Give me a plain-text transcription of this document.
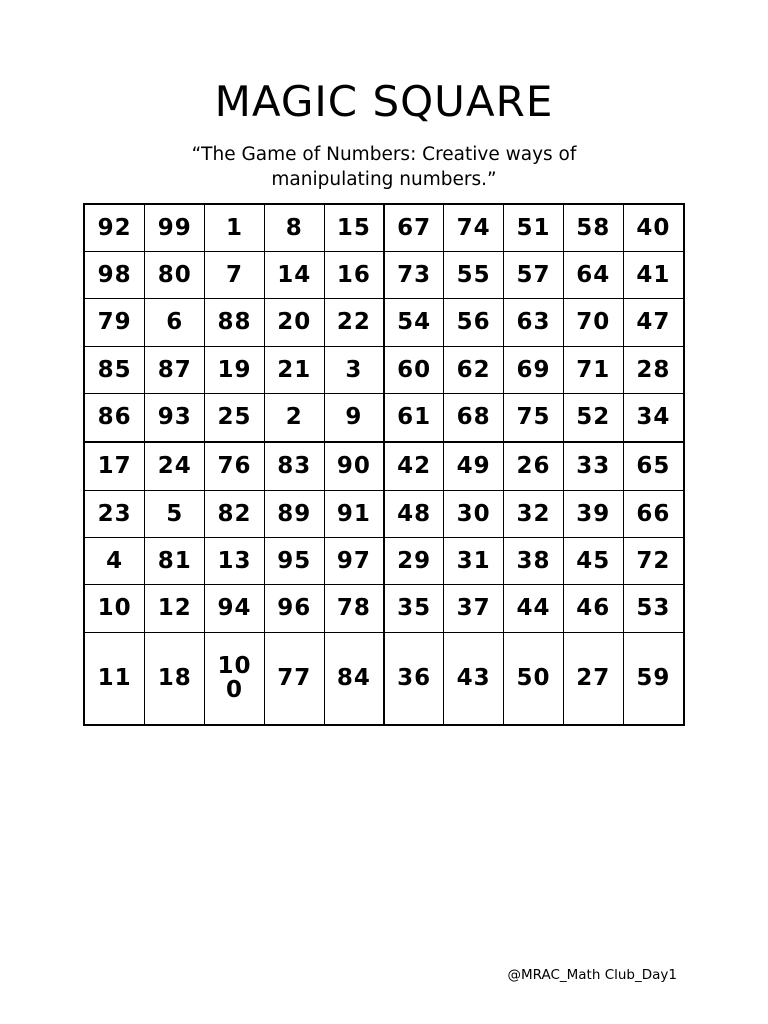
MAGIC SQUARE
“The Game of Numbers: Creative ways of manipulating numbers.”
92	99	1	8	15	67	74	51	58	40
98	80	7	14	16	73	55	57	64	41
79	6	88	20	22	54	56	63	70	47
85	87	19	21	3	60	62	69	71	28
86	93	25	2	9	61	68	75	52	34
17	24	76	83	90	42	49	26	33	65
23	5	82	89	91	48	30	32	39	66
4	81	13	95	97	29	31	38	45	72
10	12	94	96	78	35	37	44	46	53
11	18	100	77	84	36	43	50	27	59
@MRAC_Math Club_Day1
